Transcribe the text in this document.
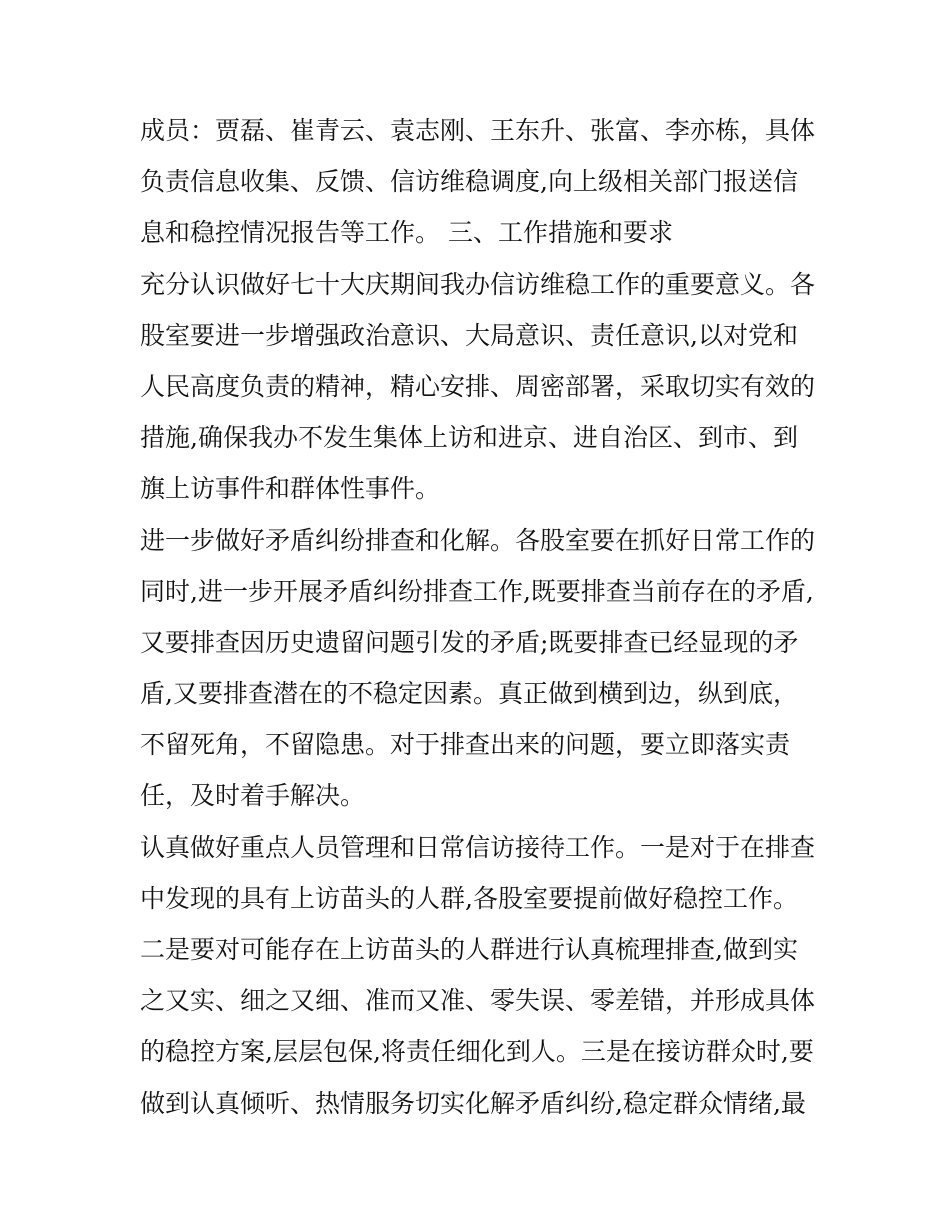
成员：贾磊、崔青云、袁志刚、王东升、张富、李亦栋，具体
负责信息收集、反馈、信访维稳调度,向上级相关部门报送信
息和稳控情况报告等工作。 三、工作措施和要求
充分认识做好七十大庆期间我办信访维稳工作的重要意义。各
股室要进一步增强政治意识、大局意识、责任意识,以对党和
人民高度负责的精神，精心安排、周密部署，采取切实有效的
措施,确保我办不发生集体上访和进京、进自治区、到市、到
旗上访事件和群体性事件。
进一步做好矛盾纠纷排查和化解。各股室要在抓好日常工作的
同时,进一步开展矛盾纠纷排查工作,既要排查当前存在的矛盾,
又要排查因历史遗留问题引发的矛盾;既要排查已经显现的矛
盾,又要排查潜在的不稳定因素。真正做到横到边，纵到底，
不留死角，不留隐患。对于排查出来的问题，要立即落实责
任，及时着手解决。
认真做好重点人员管理和日常信访接待工作。一是对于在排查
中发现的具有上访苗头的人群,各股室要提前做好稳控工作。
二是要对可能存在上访苗头的人群进行认真梳理排查,做到实
之又实、细之又细、准而又准、零失误、零差错，并形成具体
的稳控方案,层层包保,将责任细化到人。三是在接访群众时,要
做到认真倾听、热情服务切实化解矛盾纠纷,稳定群众情绪,最
